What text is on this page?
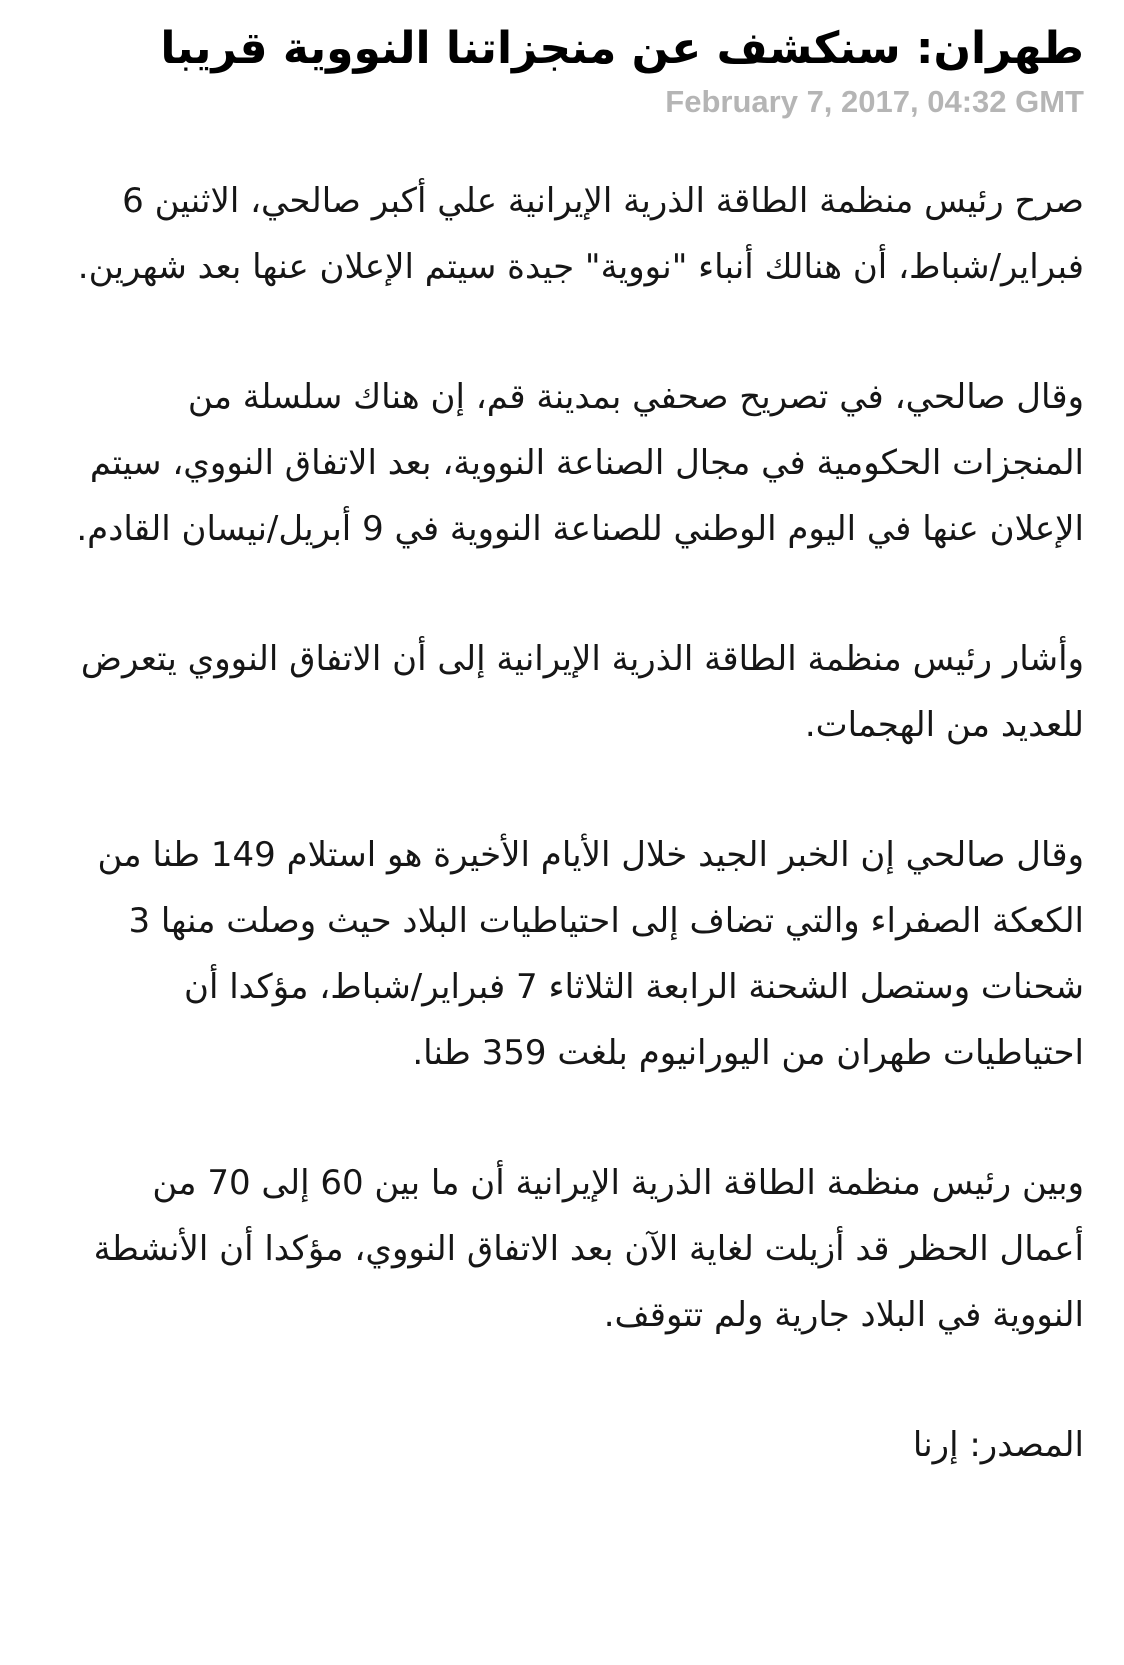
طهران: سنكشف عن منجزاتنا النووية قريبا
February 7, 2017, 04:32 GMT

صرح رئيس منظمة الطاقة الذرية الإيرانية علي أكبر صالحي، الاثنين 6 فبراير/شباط، أن هنالك أنباء "نووية" جيدة سيتم الإعلان عنها بعد شهرين.

وقال صالحي، في تصريح صحفي بمدينة قم، إن هناك سلسلة من المنجزات الحكومية في مجال الصناعة النووية، بعد الاتفاق النووي، سيتم الإعلان عنها في اليوم الوطني للصناعة النووية في 9 أبريل/نيسان القادم.

وأشار رئيس منظمة الطاقة الذرية الإيرانية إلى أن الاتفاق النووي يتعرض للعديد من الهجمات.

وقال صالحي إن الخبر الجيد خلال الأيام الأخيرة هو استلام 149 طنا من الكعكة الصفراء والتي تضاف إلى احتياطيات البلاد حيث وصلت منها 3 شحنات وستصل الشحنة الرابعة الثلاثاء 7 فبراير/شباط، مؤكدا أن احتياطيات طهران من اليورانيوم بلغت 359 طنا.

وبين رئيس منظمة الطاقة الذرية الإيرانية أن ما بين 60 إلى 70 من أعمال الحظر قد أزيلت لغاية الآن بعد الاتفاق النووي، مؤكدا أن الأنشطة النووية في البلاد جارية ولم تتوقف.

المصدر: إرنا
